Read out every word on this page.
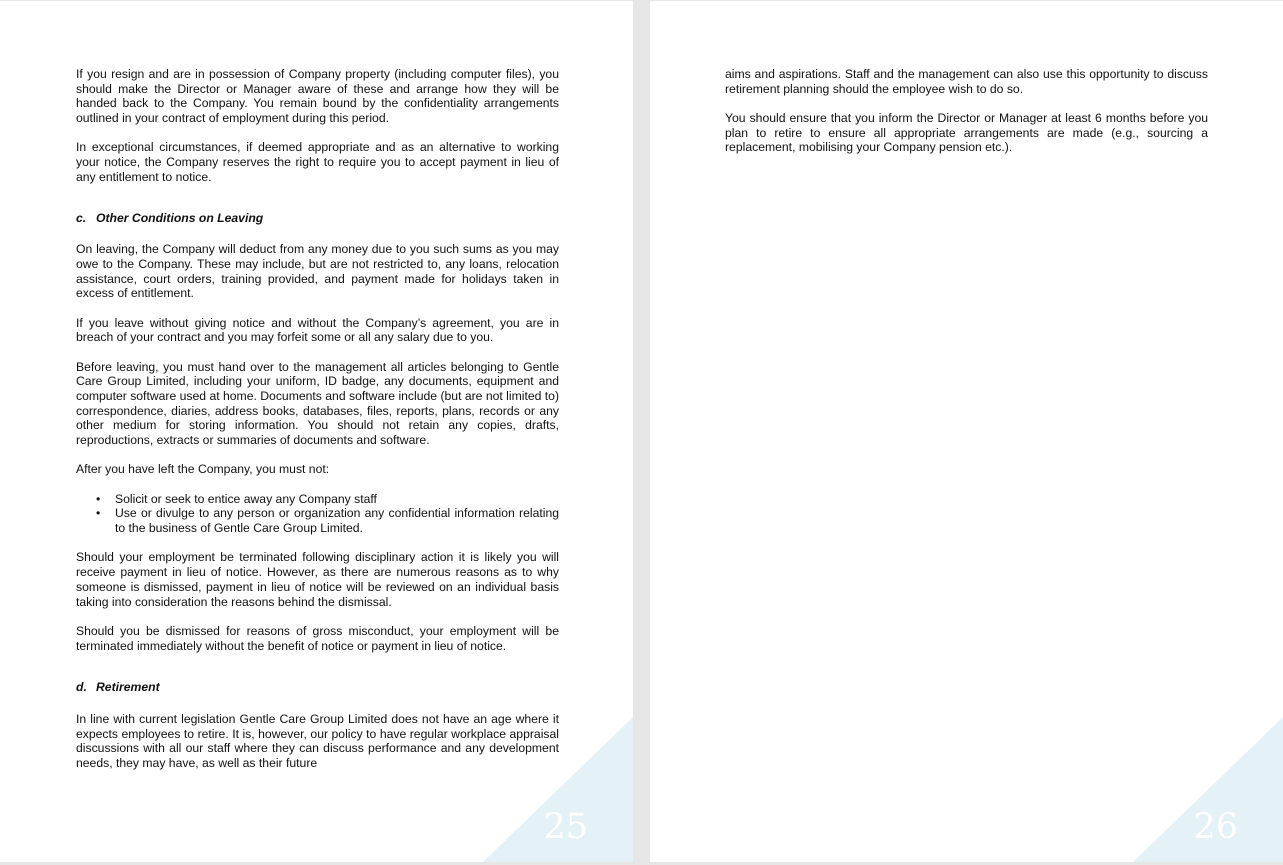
If you resign and are in possession of Company property (including computer files), you should make the Director or Manager aware of these and arrange how they will be handed back to the Company. You remain bound by the confidentiality arrangements outlined in your contract of employment during this period.

In exceptional circumstances, if deemed appropriate and as an alternative to working your notice, the Company reserves the right to require you to accept payment in lieu of any entitlement to notice.

c. Other Conditions on Leaving

On leaving, the Company will deduct from any money due to you such sums as you may owe to the Company. These may include, but are not restricted to, any loans, relocation assistance, court orders, training provided, and payment made for holidays taken in excess of entitlement.

If you leave without giving notice and without the Company’s agreement, you are in breach of your contract and you may forfeit some or all any salary due to you.

Before leaving, you must hand over to the management all articles belonging to Gentle Care Group Limited, including your uniform, ID badge, any documents, equipment and computer software used at home. Documents and software include (but are not limited to) correspondence, diaries, address books, databases, files, reports, plans, records or any other medium for storing information. You should not retain any copies, drafts, reproductions, extracts or summaries of documents and software.

After you have left the Company, you must not:

• Solicit or seek to entice away any Company staff
• Use or divulge to any person or organization any confidential information relating to the business of Gentle Care Group Limited.

Should your employment be terminated following disciplinary action it is likely you will receive payment in lieu of notice. However, as there are numerous reasons as to why someone is dismissed, payment in lieu of notice will be reviewed on an individual basis taking into consideration the reasons behind the dismissal.

Should you be dismissed for reasons of gross misconduct, your employment will be terminated immediately without the benefit of notice or payment in lieu of notice.

d. Retirement

In line with current legislation Gentle Care Group Limited does not have an age where it expects employees to retire. It is, however, our policy to have regular workplace appraisal discussions with all our staff where they can discuss performance and any development needs, they may have, as well as their future

25

aims and aspirations. Staff and the management can also use this opportunity to discuss retirement planning should the employee wish to do so.

You should ensure that you inform the Director or Manager at least 6 months before you plan to retire to ensure all appropriate arrangements are made (e.g., sourcing a replacement, mobilising your Company pension etc.).

26
